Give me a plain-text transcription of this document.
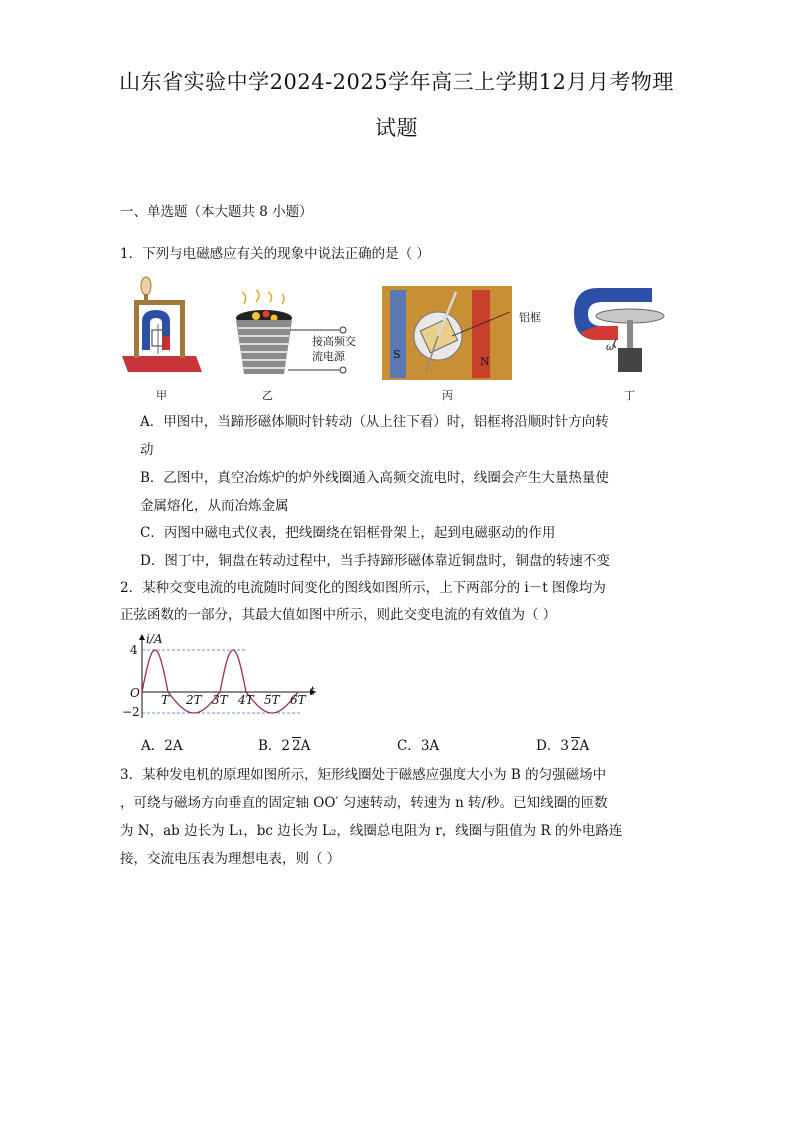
山东省实验中学2024-2025学年高三上学期12月月考物理
试题
一、单选题（本大题共 8 小题）
1．下列与电磁感应有关的现象中说法正确的是（ ）
甲
接高频交
流电源
乙
S
N
铝框
丙
ω
丁
A．甲图中，当蹄形磁体顺时针转动（从上往下看）时，铝框将沿顺时针方向转
动
B．乙图中，真空冶炼炉的炉外线圈通入高频交流电时，线圈会产生大量热量使
金属熔化，从而冶炼金属
C．丙图中磁电式仪表，把线圈绕在铝框骨架上，起到电磁驱动的作用
D．图丁中，铜盘在转动过程中，当手持蹄形磁体靠近铜盘时，铜盘的转速不变
2．某种交变电流的电流随时间变化的图线如图所示，上下两部分的 i－t 图像均为
正弦函数的一部分，其最大值如图中所示，则此交变电流的有效值为（ ）
i/A
t
O
4
−2
T 2T 3T 4T 5T 6T
A．2A	B．2 2A	C．3A	D．3 2A
3．某种发电机的原理如图所示，矩形线圈处于磁感应强度大小为 B 的匀强磁场中
，可绕与磁场方向垂直的固定轴 OO′ 匀速转动，转速为 n 转/秒。已知线圈的匝数
为 N，ab 边长为 L₁，bc 边长为 L₂，线圈总电阻为 r，线圈与阻值为 R 的外电路连
接，交流电压表为理想电表，则（ ）
